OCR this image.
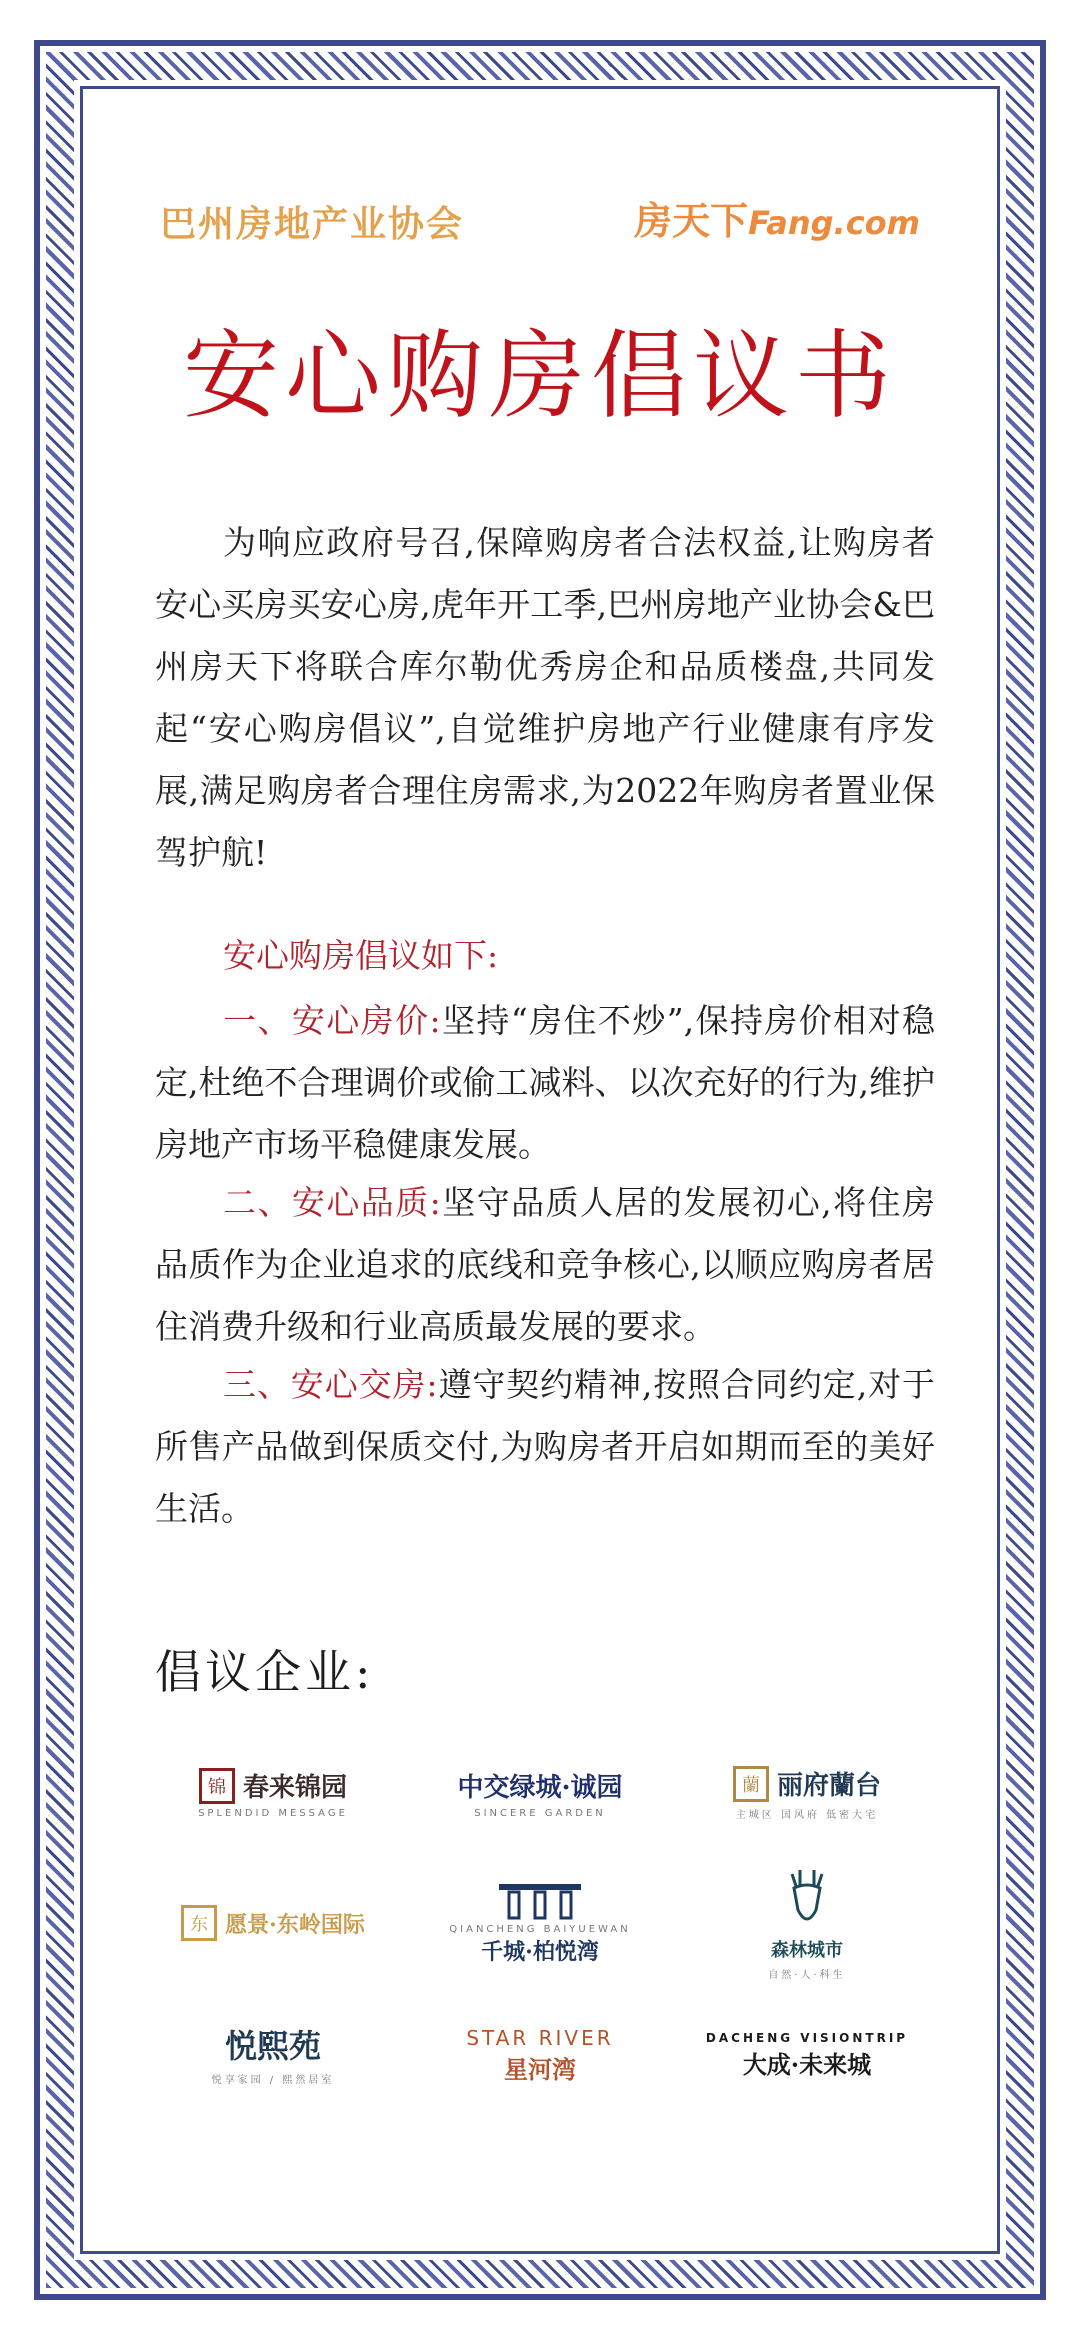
巴州房地产业协会	房天下Fang.com
安心购房倡议书
为响应政府号召,保障购房者合法权益,让购房者安心买房买安心房,虎年开工季,巴州房地产业协会&巴州房天下将联合库尔勒优秀房企和品质楼盘,共同发起“安心购房倡议”,自觉维护房地产行业健康有序发展,满足购房者合理住房需求,为2022年购房者置业保驾护航!
安心购房倡议如下:
一、安心房价:坚持“房住不炒”,保持房价相对稳定,杜绝不合理调价或偷工减料、以次充好的行为,维护房地产市场平稳健康发展。
二、安心品质:坚守品质人居的发展初心,将住房品质作为企业追求的底线和竞争核心,以顺应购房者居住消费升级和行业高质最发展的要求。
三、安心交房:遵守契约精神,按照合同约定,对于所售产品做到保质交付,为购房者开启如期而至的美好生活。
倡议企业:
锦 春来锦园
SPLENDID MESSAGE
中交绿城·诚园
SINCERE GARDEN
蘭 丽府蘭台
主城区 国风府 低密大宅
东 愿景·东岭国际	QIANCHENG BAIYUEWAN
千城·柏悦湾	森林城市
自然·人·科生
悦熙苑
悦享家园 / 熙然居室
STAR RIVER
星河湾
DACHENG VISIONTRIP
大成·未来城
